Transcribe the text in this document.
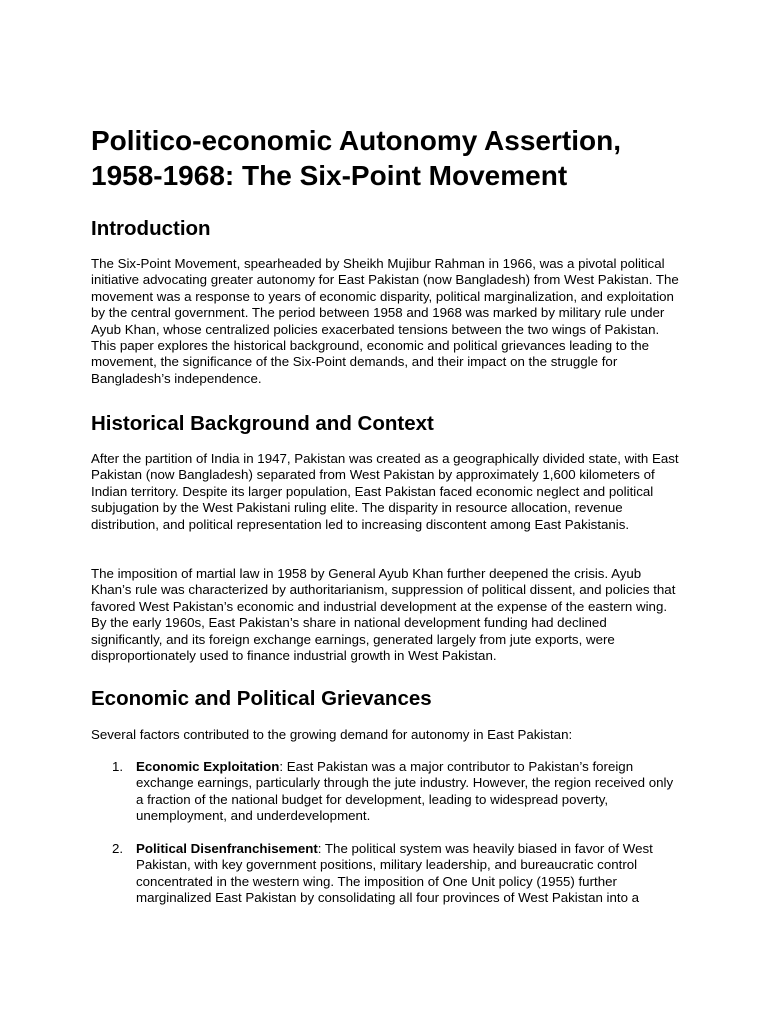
Politico-economic Autonomy Assertion, 1958-1968: The Six-Point Movement
Introduction

The Six-Point Movement, spearheaded by Sheikh Mujibur Rahman in 1966, was a pivotal political initiative advocating greater autonomy for East Pakistan (now Bangladesh) from West Pakistan. The movement was a response to years of economic disparity, political marginalization, and exploitation by the central government. The period between 1958 and 1968 was marked by military rule under Ayub Khan, whose centralized policies exacerbated tensions between the two wings of Pakistan. This paper explores the historical background, economic and political grievances leading to the movement, the significance of the Six-Point demands, and their impact on the struggle for Bangladesh’s independence.

Historical Background and Context

After the partition of India in 1947, Pakistan was created as a geographically divided state, with East Pakistan (now Bangladesh) separated from West Pakistan by approximately 1,600 kilometers of Indian territory. Despite its larger population, East Pakistan faced economic neglect and political subjugation by the West Pakistani ruling elite. The disparity in resource allocation, revenue distribution, and political representation led to increasing discontent among East Pakistanis.

The imposition of martial law in 1958 by General Ayub Khan further deepened the crisis. Ayub Khan’s rule was characterized by authoritarianism, suppression of political dissent, and policies that favored West Pakistan’s economic and industrial development at the expense of the eastern wing. By the early 1960s, East Pakistan’s share in national development funding had declined significantly, and its foreign exchange earnings, generated largely from jute exports, were disproportionately used to finance industrial growth in West Pakistan.

Economic and Political Grievances

Several factors contributed to the growing demand for autonomy in East Pakistan:

1. Economic Exploitation: East Pakistan was a major contributor to Pakistan’s foreign exchange earnings, particularly through the jute industry. However, the region received only a fraction of the national budget for development, leading to widespread poverty, unemployment, and underdevelopment.
2. Political Disenfranchisement: The political system was heavily biased in favor of West Pakistan, with key government positions, military leadership, and bureaucratic control concentrated in the western wing. The imposition of One Unit policy (1955) further marginalized East Pakistan by consolidating all four provinces of West Pakistan into a
